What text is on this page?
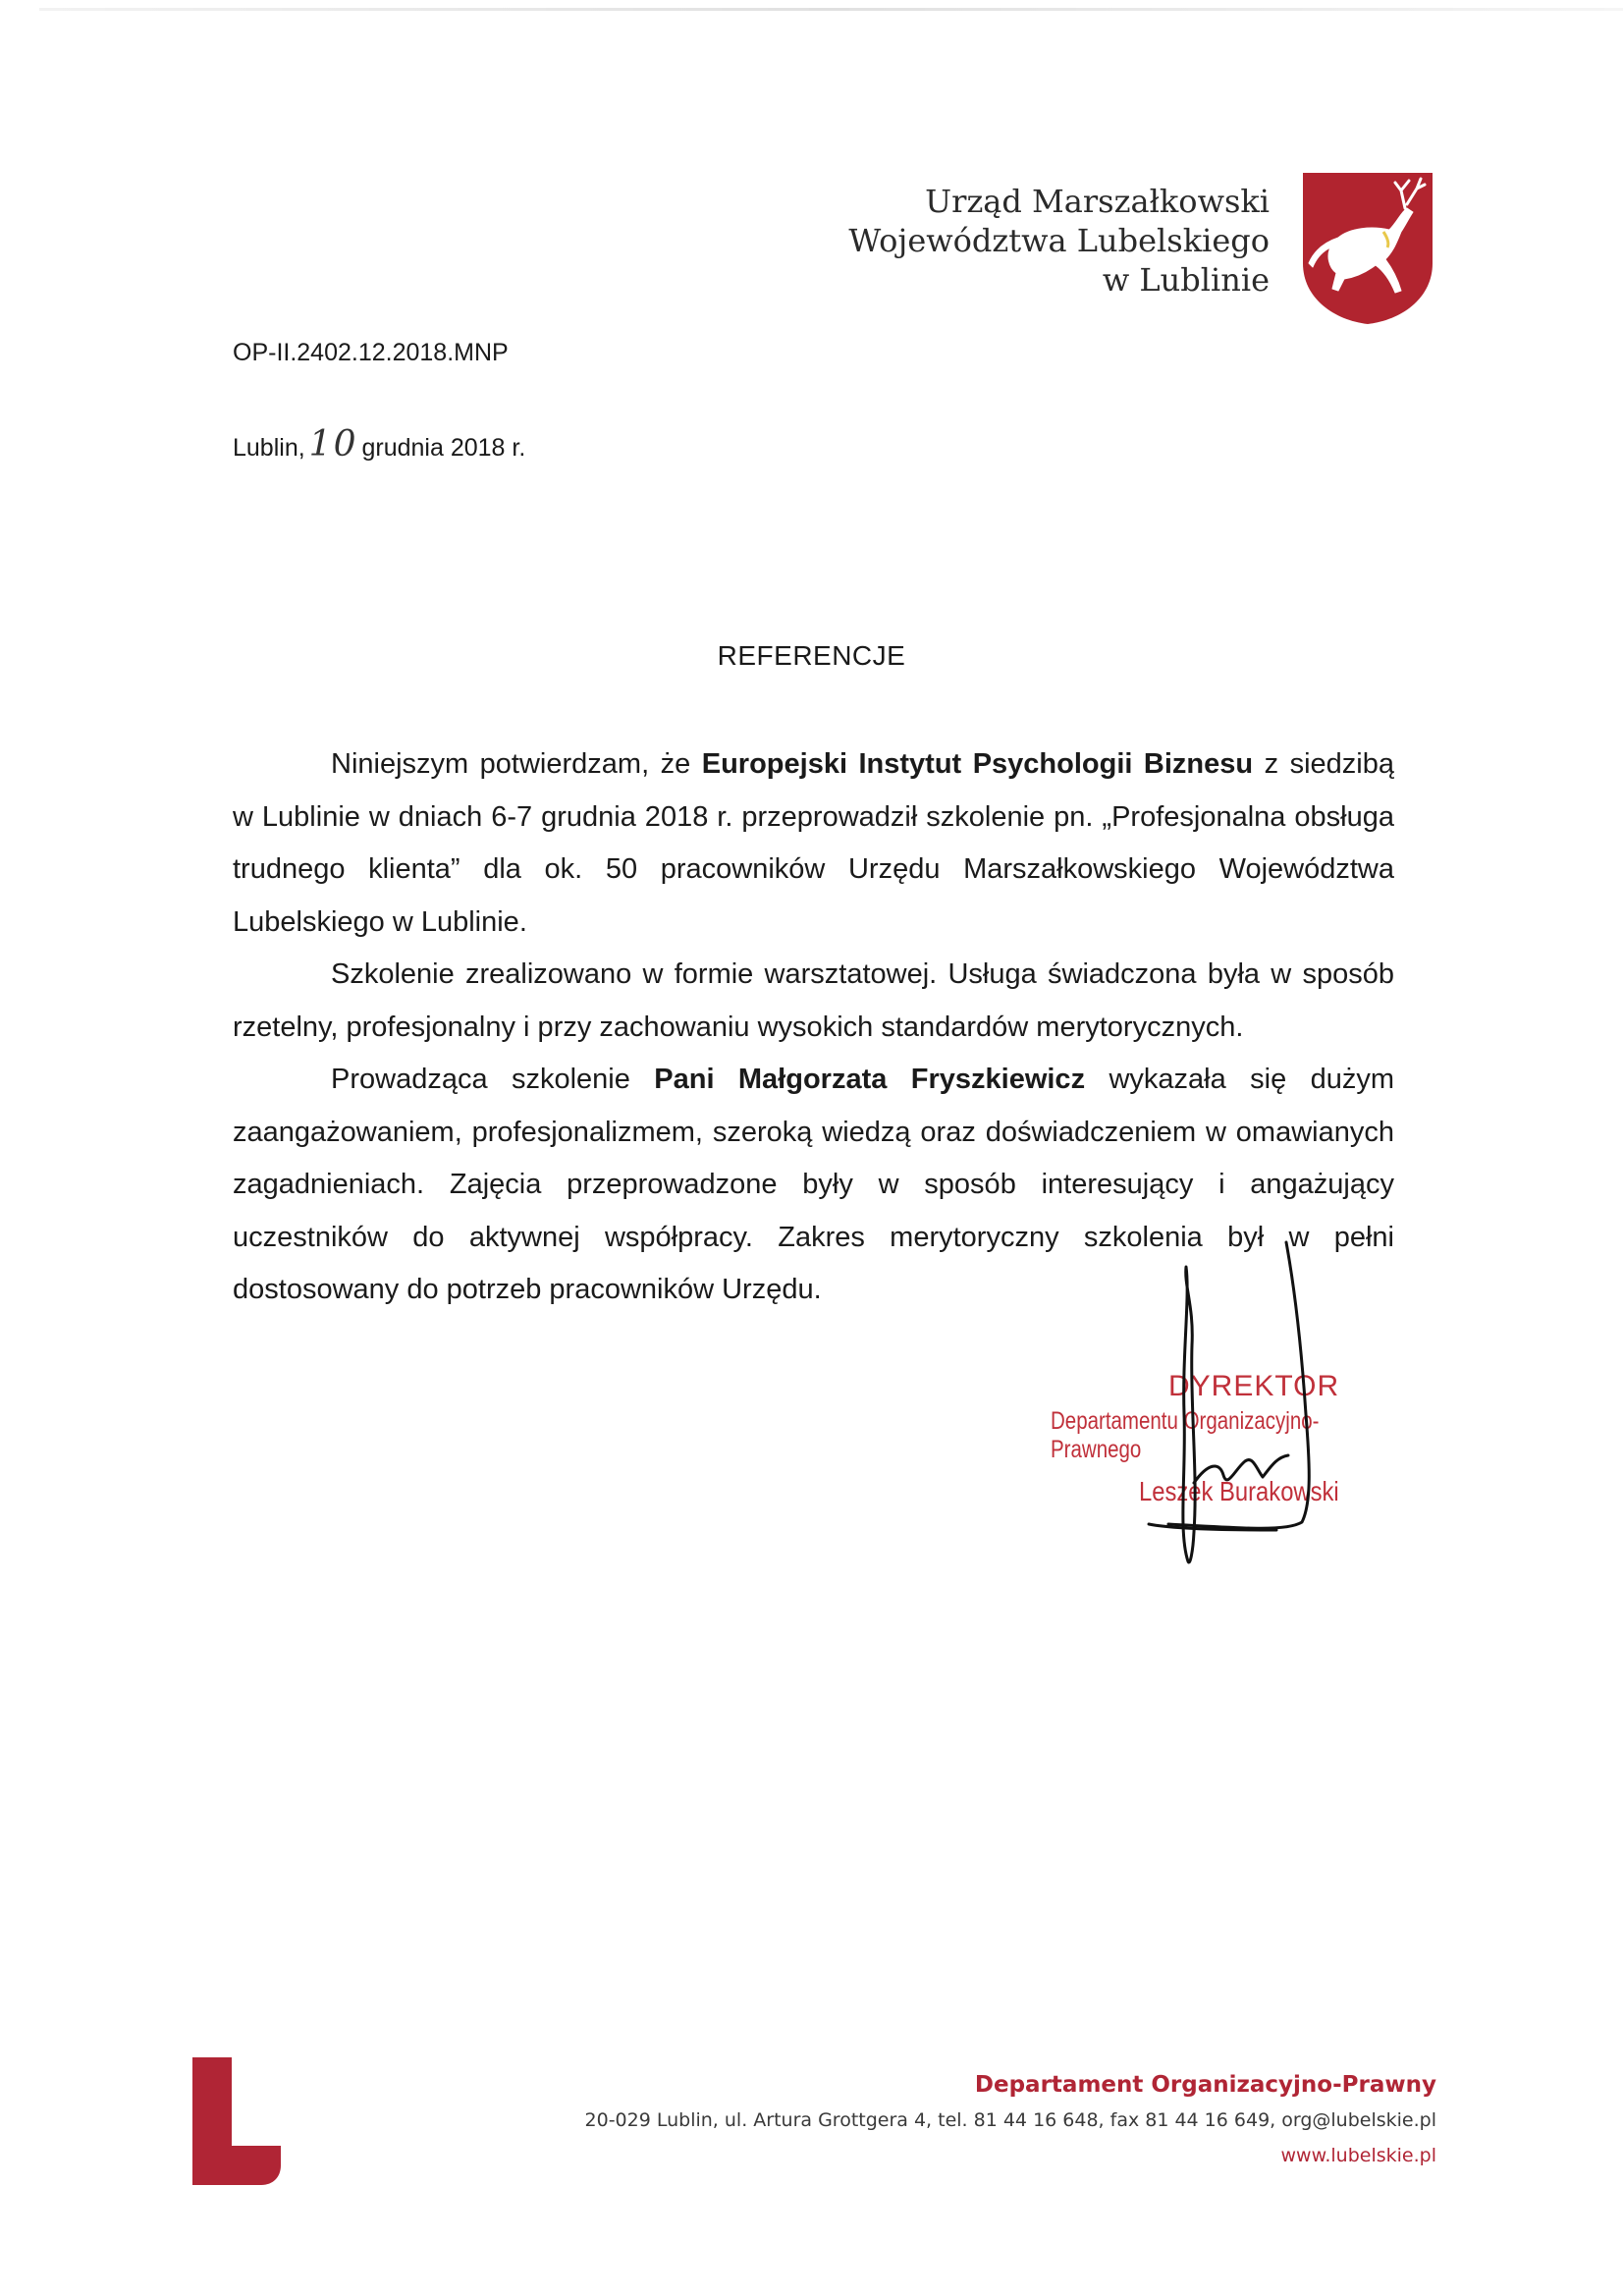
Urząd Marszałkowski
Województwa Lubelskiego
w Lublinie
OP-II.2402.12.2018.MNP
Lublin, 10 grudnia 2018 r.
REFERENCJE

Niniejszym potwierdzam, że Europejski Instytut Psychologii Biznesu z siedzibą w Lublinie w dniach 6-7 grudnia 2018 r. przeprowadził szkolenie pn. „Profesjonalna obsługa trudnego klienta” dla ok. 50 pracowników Urzędu Marszałkowskiego Województwa Lubelskiego w Lublinie.

Szkolenie zrealizowano w formie warsztatowej. Usługa świadczona była w sposób rzetelny, profesjonalny i przy zachowaniu wysokich standardów merytorycznych.

Prowadząca szkolenie Pani Małgorzata Fryszkiewicz wykazała się dużym zaangażowaniem, profesjonalizmem, szeroką wiedzą oraz doświadczeniem w omawianych zagadnieniach. Zajęcia przeprowadzone były w sposób interesujący i angażujący uczestników do aktywnej współpracy. Zakres merytoryczny szkolenia był w pełni dostosowany do potrzeb pracowników Urzędu.

DYREKTOR
Departamentu Organizacyjno-Prawnego
Leszek Burakowski
Departament Organizacyjno-Prawny
20-029 Lublin, ul. Artura Grottgera 4, tel. 81 44 16 648, fax 81 44 16 649, org@lubelskie.pl
www.lubelskie.pl
